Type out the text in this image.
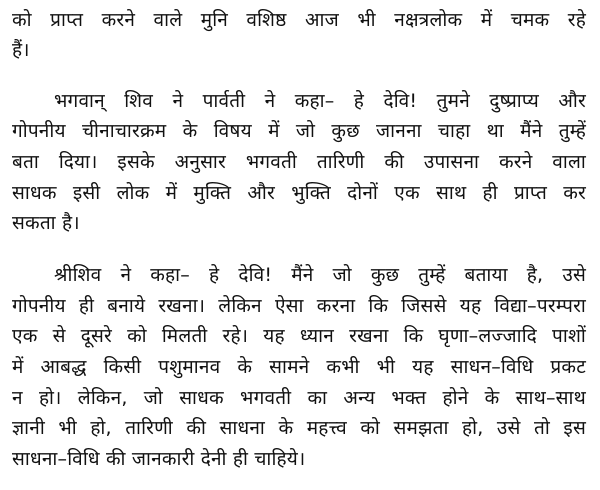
को प्राप्त करने वाले मुनि वशिष्ठ आज भी नक्षत्रलोक में चमक रहे
हैं।
भगवान् शिव ने पार्वती ने कहा– हे देवि! तुमने दुष्प्राप्य और
गोपनीय चीनाचारक्रम के विषय में जो कुछ जानना चाहा था मैंने तुम्हें
बता दिया। इसके अनुसार भगवती तारिणी की उपासना करने वाला
साधक इसी लोक में मुक्ति और भुक्ति दोनों एक साथ ही प्राप्त कर
सकता है।
श्रीशिव ने कहा– हे देवि! मैंने जो कुछ तुम्हें बताया है, उसे
गोपनीय ही बनाये रखना। लेकिन ऐसा करना कि जिससे यह विद्या–परम्परा
एक से दूसरे को मिलती रहे। यह ध्यान रखना कि घृणा–लज्जादि पाशों
में आबद्ध किसी पशुमानव के सामने कभी भी यह साधन–विधि प्रकट
न हो। लेकिन, जो साधक भगवती का अन्य भक्त होने के साथ–साथ
ज्ञानी भी हो, तारिणी की साधना के महत्त्व को समझता हो, उसे तो इस
साधना–विधि की जानकारी देनी ही चाहिये।
